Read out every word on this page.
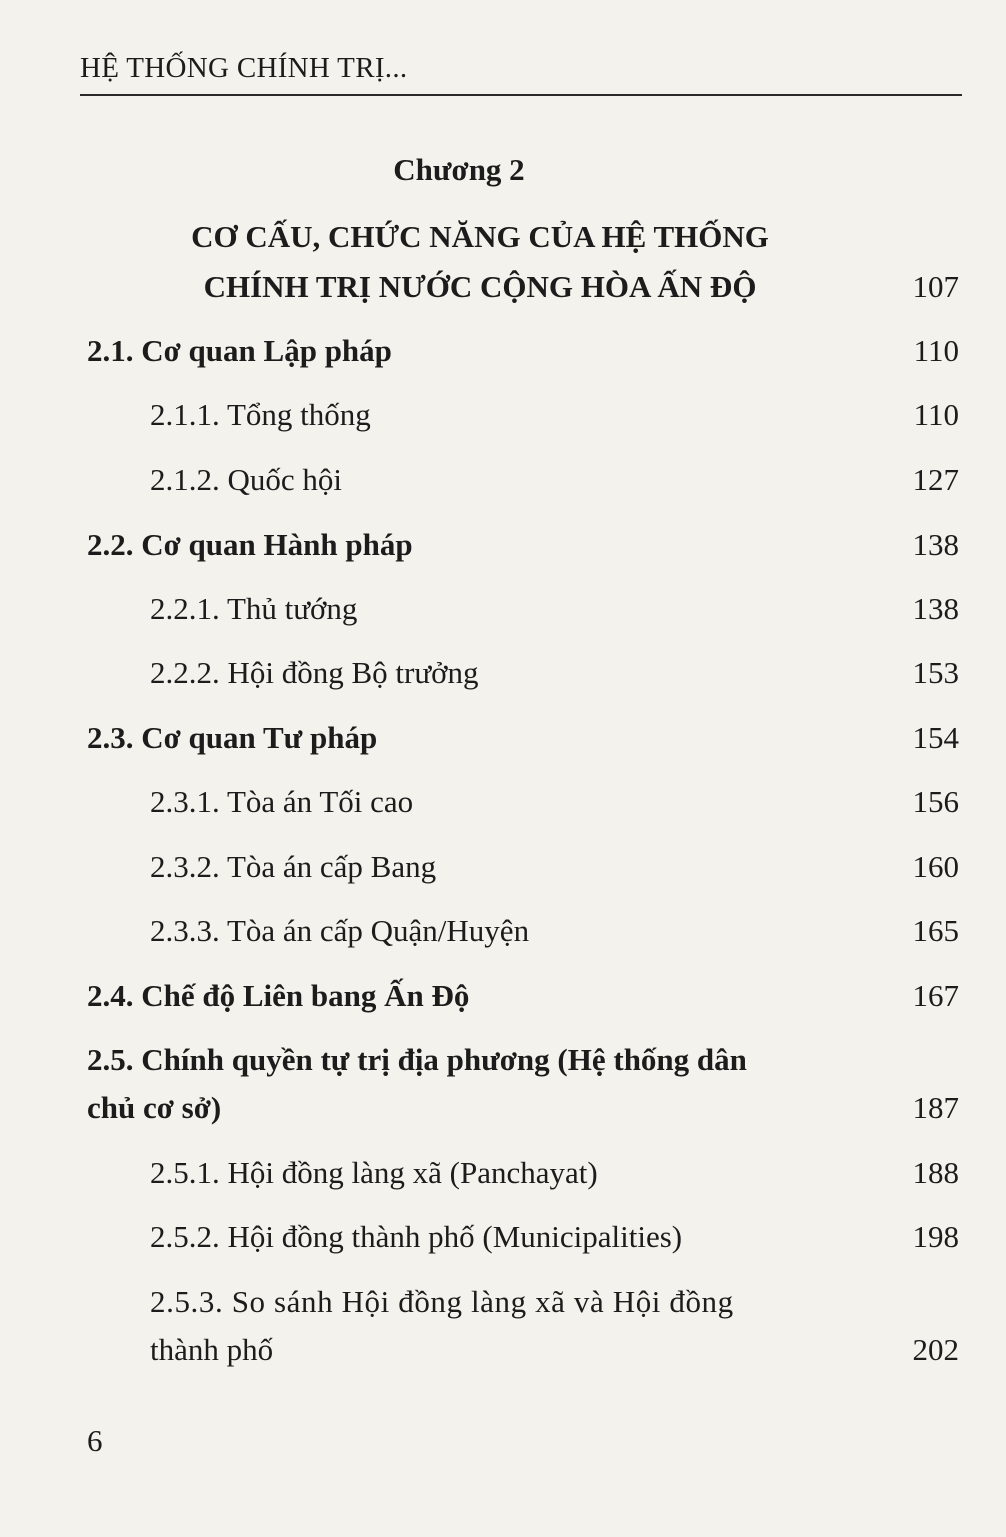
HỆ THỐNG CHÍNH TRỊ...
Chương 2
CƠ CẤU, CHỨC NĂNG CỦA HỆ THỐNG
CHÍNH TRỊ NƯỚC CỘNG HÒA ẤN ĐỘ	107
2.1. Cơ quan Lập pháp	110
2.1.1. Tổng thống	110
2.1.2. Quốc hội	127
2.2. Cơ quan Hành pháp	138
2.2.1. Thủ tướng	138
2.2.2. Hội đồng Bộ trưởng	153
2.3. Cơ quan Tư pháp	154
2.3.1. Tòa án Tối cao	156
2.3.2. Tòa án cấp Bang	160
2.3.3. Tòa án cấp Quận/Huyện	165
2.4. Chế độ Liên bang Ấn Độ	167
2.5. Chính quyền tự trị địa phương (Hệ thống dân
chủ cơ sở)	187
2.5.1. Hội đồng làng xã (Panchayat)	188
2.5.2. Hội đồng thành phố (Municipalities)	198
2.5.3. So sánh Hội đồng làng xã và Hội đồng
thành phố	202
6
